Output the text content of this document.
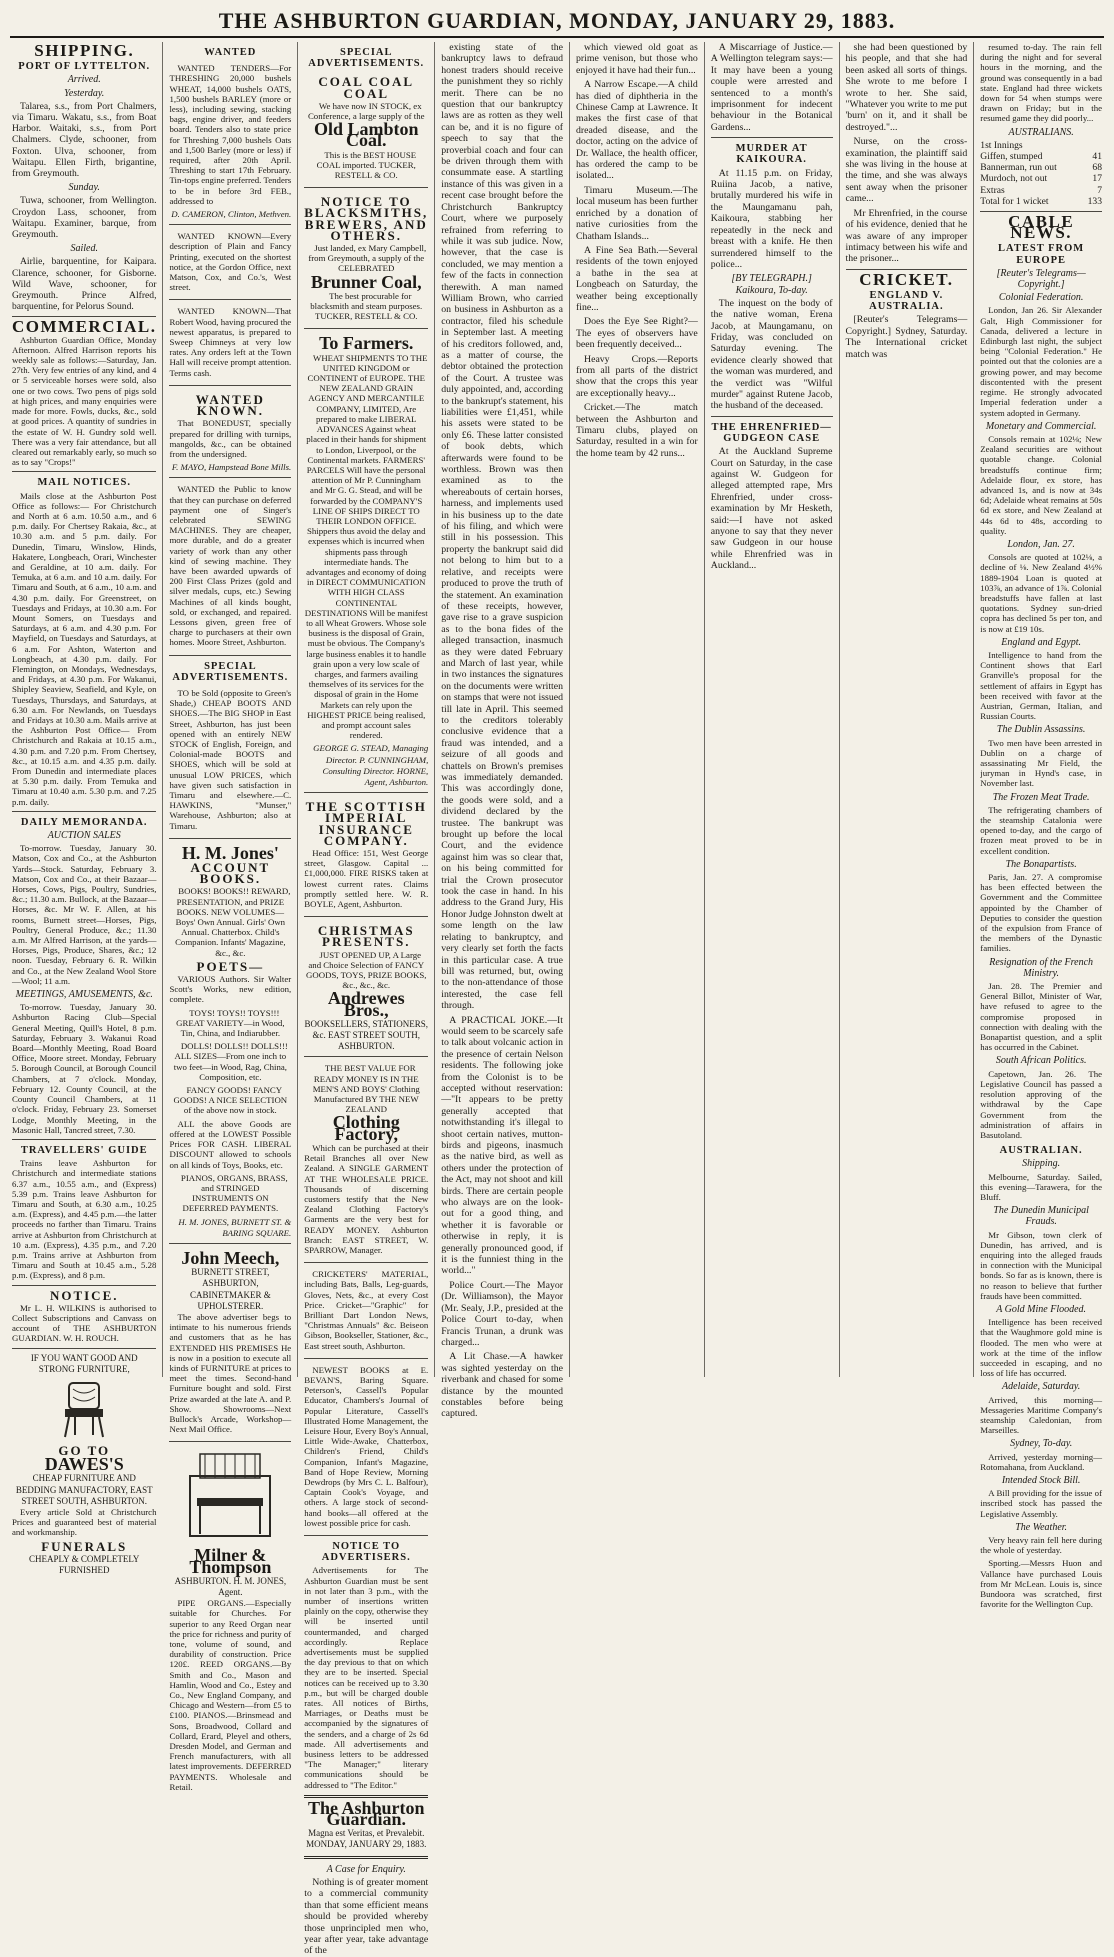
THE ASHBURTON GUARDIAN, MONDAY, JANUARY 29, 1883.
SHIPPING.
PORT OF LYTTELTON.
Arrived.
Yesterday.

Talarea, s.s., from Port Chalmers, via Timaru. Wakatu, s.s., from Boat Harbor. Waitaki, s.s., from Port Chalmers. Clyde, schooner, from Foxton. Ulva, schooner, from Waitapu. Ellen Firth, brigantine, from Greymouth.

Sunday.

Tuwa, schooner, from Wellington. Croydon Lass, schooner, from Waitapu. Examiner, barque, from Greymouth.

Sailed.

Airlie, barquentine, for Kaipara. Clarence, schooner, for Gisborne. Wild Wave, schooner, for Greymouth. Prince Alfred, barquentine, for Pelorus Sound.

COMMERCIAL.

Ashburton Guardian Office, Monday Afternoon. Alfred Harrison reports his weekly sale as follows:—Saturday, Jan. 27th. Very few entries of any kind, and 4 or 5 serviceable horses were sold, also one or two cows. Two pens of pigs sold at high prices, and many enquiries were made for more. Fowls, ducks, &c., sold at good prices. A quantity of sundries in the estate of W. H. Gundry sold well. There was a very fair attendance, but all cleared out remarkably early, so much so as to say "Crops!"

MAIL NOTICES.

Mails close at the Ashburton Post Office as follows:— For Christchurch and North at 6 a.m. 10.50 a.m., and 6 p.m. daily. For Chertsey Rakaia, &c., at 10.30 a.m. and 5 p.m. daily. For Dunedin, Timaru, Winslow, Hinds, Hakatere, Longbeach, Orari, Winchester and Geraldine, at 10 a.m. daily. For Temuka, at 6 a.m. and 10 a.m. daily. For Timaru and South, at 6 a.m., 10 a.m. and 4.30 p.m. daily. For Greenstreet, on Tuesdays and Fridays, at 10.30 a.m. For Mount Somers, on Tuesdays and Saturdays, at 6 a.m. and 4.30 p.m. For Mayfield, on Tuesdays and Saturdays, at 6 a.m. For Ashton, Waterton and Longbeach, at 4.30 p.m. daily. For Flemington, on Mondays, Wednesdays, and Fridays, at 4.30 p.m. For Wakanui, Shipley Seaview, Seafield, and Kyle, on Tuesdays, Thursdays, and Saturdays, at 6.30 a.m. For Newlands, on Tuesdays and Fridays at 10.30 a.m. Mails arrive at the Ashburton Post Office— From Christchurch and Rakaia at 10.15 a.m., 4.30 p.m. and 7.20 p.m. From Chertsey, &c., at 10.15 a.m. and 4.35 p.m. daily. From Dunedin and intermediate places at 5.30 p.m. daily. From Temuka and Timaru at 10.40 a.m. 5.30 p.m. and 7.25 p.m. daily.

DAILY MEMORANDA.
AUCTION SALES

To-morrow. Tuesday, January 30. Matson, Cox and Co., at the Ashburton Yards—Stock. Saturday, February 3. Matson, Cox and Co., at their Bazaar—Horses, Cows, Pigs, Poultry, Sundries, &c.; 11.30 a.m. Bullock, at the Bazaar—Horses, &c. Mr W. F. Allen, at his rooms, Burnett street—Horses, Pigs, Poultry, General Produce, &c.; 11.30 a.m. Mr Alfred Harrison, at the yards—Horses, Pigs, Produce, Shares, &c.; 12 noon. Tuesday, February 6. R. Wilkin and Co., at the New Zealand Wool Store—Wool; 11 a.m.

MEETINGS, AMUSEMENTS, &c.

To-morrow. Tuesday, January 30. Ashburton Racing Club—Special General Meeting, Quill's Hotel, 8 p.m. Saturday, February 3. Wakanui Road Board—Monthly Meeting, Road Board Office, Moore street. Monday, February 5. Borough Council, at Borough Council Chambers, at 7 o'clock. Monday, February 12. County Council, at the County Council Chambers, at 11 o'clock. Friday, February 23. Somerset Lodge, Monthly Meeting, in the Masonic Hall, Tancred street, 7.30.

TRAVELLERS' GUIDE

Trains leave Ashburton for Christchurch and intermediate stations 6.37 a.m., 10.55 a.m., and (Express) 5.39 p.m. Trains leave Ashburton for Timaru and South, at 6.30 a.m., 10.25 a.m. (Express), and 4.45 p.m.—the latter proceeds no farther than Timaru. Trains arrive at Ashburton from Christchurch at 10 a.m. (Express), 4.35 p.m., and 7.20 p.m. Trains arrive at Ashburton from Timaru and South at 10.45 a.m., 5.28 p.m. (Express), and 8 p.m.

NOTICE.

Mr L. H. WILKINS is authorised to Collect Subscriptions and Canvass on account of THE ASHBURTON GUARDIAN. W. H. ROUCH.

IF YOU WANT GOOD AND STRONG FURNITURE,
GO TO
DAWES'S
CHEAP FURNITURE AND BEDDING MANUFACTORY, EAST STREET SOUTH, ASHBURTON.

Every article Sold at Christchurch Prices and guaranteed best of material and workmanship.

FUNERALS
CHEAPLY & COMPLETELY FURNISHED
WANTED

WANTED TENDERS—For THRESHING 20,000 bushels WHEAT, 14,000 bushels OATS, 1,500 bushels BARLEY (more or less), including sewing, stacking bags, engine driver, and feeders board. Tenders also to state price for Threshing 7,000 bushels Oats and 1,500 Barley (more or less) if required, after 20th April. Threshing to start 17th February. Tin-tops engine preferred. Tenders to be in before 3rd FEB., addressed to

D. CAMERON, Clinton, Methven.

WANTED KNOWN—Every description of Plain and Fancy Printing, executed on the shortest notice, at the Gordon Office, next Matson, Cox, and Co.'s, West street.

WANTED KNOWN—That Robert Wood, having procured the newest apparatus, is prepared to Sweep Chimneys at very low rates. Any orders left at the Town Hall will receive prompt attention. Terms cash.

WANTED KNOWN.

That BONEDUST, specially prepared for drilling with turnips, mangolds, &c., can be obtained from the undersigned.

F. MAYO, Hampstead Bone Mills.

WANTED the Public to know that they can purchase on deferred payment one of Singer's celebrated SEWING MACHINES. They are cheaper, more durable, and do a greater variety of work than any other kind of sewing machine. They have been awarded upwards of 200 First Class Prizes (gold and silver medals, cups, etc.) Sewing Machines of all kinds bought, sold, or exchanged, and repaired. Lessons given, green free of charge to purchasers at their own homes. Moore Street, Ashburton.

SPECIAL ADVERTISEMENTS.

TO be Sold (opposite to Green's Shade,) CHEAP BOOTS AND SHOES.—The BIG SHOP in East Street, Ashburton, has just been opened with an entirely NEW STOCK of English, Foreign, and Colonial-made BOOTS and SHOES, which will be sold at unusual LOW PRICES, which have given such satisfaction in Timaru and elsewhere.—C. HAWKINS, "Munser," Warehouse, Ashburton; also at Timaru.

H. M. Jones'
ACCOUNT BOOKS.

BOOKS! BOOKS!! REWARD, PRESENTATION, and PRIZE BOOKS. NEW VOLUMES— Boys' Own Annual. Girls' Own Annual. Chatterbox. Child's Companion. Infants' Magazine, &c., &c.

POETS—

VARIOUS Authors. Sir Walter Scott's Works, new edition, complete.

TOYS! TOYS!! TOYS!!! GREAT VARIETY—in Wood, Tin, China, and Indiarubber.

DOLLS! DOLLS!! DOLLS!!! ALL SIZES—From one inch to two feet—in Wood, Rag, China, Composition, etc.

FANCY GOODS! FANCY GOODS! A NICE SELECTION of the above now in stock.

ALL the above Goods are offered at the LOWEST Possible Prices FOR CASH. LIBERAL DISCOUNT allowed to schools on all kinds of Toys, Books, etc.

PIANOS, ORGANS, BRASS, and STRINGED INSTRUMENTS ON DEFERRED PAYMENTS.

H. M. JONES, BURNETT ST. & BARING SQUARE.
John Meech,
BURNETT STREET, ASHBURTON, CABINETMAKER & UPHOLSTERER.

The above advertiser begs to intimate to his numerous friends and customers that as he has EXTENDED HIS PREMISES He is now in a position to execute all kinds of FURNITURE at prices to meet the times. Second-hand Furniture bought and sold. First Prize awarded at the late A. and P. Show. Showrooms—Next Bullock's Arcade, Workshop—Next Mail Office.

Milner & Thompson
ASHBURTON. H. M. JONES, Agent.

PIPE ORGANS.—Especially suitable for Churches. For superior to any Reed Organ near the price for richness and purity of tone, volume of sound, and durability of construction. Price 120£. REED ORGANS.—By Smith and Co., Mason and Hamlin, Wood and Co., Estey and Co., New England Company, and Chicago and Western—from £5 to £100. PIANOS.—Brinsmead and Sons, Broadwood, Collard and Collard, Erard, Pleyel and others, Dresden Model, and German and French manufacturers, with all latest improvements. DEFERRED PAYMENTS. Wholesale and Retail.

SPECIAL ADVERTISEMENTS.
COAL COAL COAL

We have now IN STOCK, ex Conference, a large supply of the

Old Lambton Coal.

This is the BEST HOUSE COAL imported. TUCKER, RESTELL & CO.

NOTICE TO BLACKSMITHS, BREWERS, AND OTHERS.

Just landed, ex Mary Campbell, from Greymouth, a supply of the CELEBRATED

Brunner Coal,

The best procurable for blacksmith and steam purposes. TUCKER, RESTELL & CO.

To Farmers.

WHEAT SHIPMENTS TO THE UNITED KINGDOM or CONTINENT of EUROPE. THE NEW ZEALAND GRAIN AGENCY AND MERCANTILE COMPANY, LIMITED, Are prepared to make LIBERAL ADVANCES Against wheat placed in their hands for shipment to London, Liverpool, or the Continental markets. FARMERS' PARCELS Will have the personal attention of Mr P. Cunningham and Mr G. G. Stead, and will be forwarded by the COMPANY'S LINE OF SHIPS DIRECT TO THEIR LONDON OFFICE. Shippers thus avoid the delay and expenses which is incurred when shipments pass through intermediate hands. The advantages and economy of doing in DIRECT COMMUNICATION WITH HIGH CLASS CONTINENTAL DESTINATIONS Will be manifest to all Wheat Growers. Whose sole business is the disposal of Grain, must be obvious. The Company's large business enables it to handle grain upon a very low scale of charges, and farmers availing themselves of its services for the disposal of grain in the Home Markets can rely upon the HIGHEST PRICE being realised, and prompt account sales rendered.

GEORGE G. STEAD, Managing Director. P. CUNNINGHAM, Consulting Director. HORNE, Agent, Ashburton.
THE SCOTTISH IMPERIAL INSURANCE COMPANY.

Head Office: 151, West George street, Glasgow. Capital ... £1,000,000. FIRE RISKS taken at lowest current rates. Claims promptly settled here. W. R. BOYLE, Agent, Ashburton.

CHRISTMAS PRESENTS.

JUST OPENED UP, A Large and Choice Selection of FANCY GOODS, TOYS, PRIZE BOOKS, &c., &c., &c.

Andrewes Bros.,
BOOKSELLERS, STATIONERS, &c. EAST STREET SOUTH, ASHBURTON.

THE BEST VALUE FOR READY MONEY IS IN THE MEN'S AND BOYS' Clothing Manufactured BY THE NEW ZEALAND

Clothing Factory,

Which can be purchased at their Retail Branches all over New Zealand. A SINGLE GARMENT AT THE WHOLESALE PRICE. Thousands of discerning customers testify that the New Zealand Clothing Factory's Garments are the very best for READY MONEY. Ashburton Branch: EAST STREET, W. SPARROW, Manager.

CRICKETERS' MATERIAL, including Bats, Balls, Leg-guards, Gloves, Nets, &c., at every Cost Price. Cricket—"Graphic" for Brilliant Dart London News, "Christmas Annuals" &c. Beiseon Gibson, Bookseller, Stationer, &c., East street south, Ashburton.

NEWEST BOOKS at E. BEVAN'S, Baring Square. Peterson's, Cassell's Popular Educator, Chambers's Journal of Popular Literature, Cassell's Illustrated Home Management, the Leisure Hour, Every Boy's Annual, Little Wide-Awake, Chatterbox, Children's Friend, Child's Companion, Infant's Magazine, Band of Hope Review, Morning Dewdrops (by Mrs C. L. Balfour), Captain Cook's Voyage, and others. A large stock of second-hand books—all offered at the lowest possible price for cash.

NOTICE TO ADVERTISERS.

Advertisements for The Ashburton Guardian must be sent in not later than 3 p.m., with the number of insertions written plainly on the copy, otherwise they will be inserted until countermanded, and charged accordingly. Replace advertisements must be supplied the day previous to that on which they are to be inserted. Special notices can be received up to 3.30 p.m., but will be charged double rates. All notices of Births, Marriages, or Deaths must be accompanied by the signatures of the senders, and a charge of 2s 6d made. All advertisements and business letters to be addressed "The Manager;" literary communications should be addressed to "The Editor."

The Ashburton Guardian.
Magna est Veritas, et Prevalebit.
MONDAY, JANUARY 29, 1883.
A Case for Enquiry.

Nothing is of greater moment to a commercial community than that some efficient means should be provided whereby those unprincipled men who, year after year, take advantage of the

existing state of the bankruptcy laws to defraud honest traders should receive the punishment they so richly merit. There can be no question that our bankruptcy laws are as rotten as they well can be, and it is no figure of speech to say that the proverbial coach and four can be driven through them with consummate ease. A startling instance of this was given in a recent case brought before the Christchurch Bankruptcy Court, where we purposely refrained from referring to while it was sub judice. Now, however, that the case is concluded, we may mention a few of the facts in connection therewith. A man named William Brown, who carried on business in Ashburton as a contractor, filed his schedule in September last. A meeting of his creditors followed, and, as a matter of course, the debtor obtained the protection of the Court. A trustee was duly appointed, and, according to the bankrupt's statement, his liabilities were £1,451, while his assets were stated to be only £6. These latter consisted of book debts, which afterwards were found to be worthless. Brown was then examined as to the whereabouts of certain horses, harness, and implements used in his business up to the date of his filing, and which were still in his possession. This property the bankrupt said did not belong to him but to a relative, and receipts were produced to prove the truth of the statement. An examination of these receipts, however, gave rise to a grave suspicion as to the bona fides of the alleged transaction, inasmuch as they were dated February and March of last year, while in two instances the signatures on the documents were written on stamps that were not issued till late in April. This seemed to the creditors tolerably conclusive evidence that a fraud was intended, and a seizure of all goods and chattels on Brown's premises was immediately demanded. This was accordingly done, the goods were sold, and a dividend declared by the trustee. The bankrupt was brought up before the local Court, and the evidence against him was so clear that, on his being committed for trial the Crown prosecutor took the case in hand. In his address to the Grand Jury, His Honor Judge Johnston dwelt at some length on the law relating to bankruptcy, and very clearly set forth the facts in this particular case. A true bill was returned, but, owing to the non-attendance of those interested, the case fell through.

A PRACTICAL JOKE.—It would seem to be scarcely safe to talk about volcanic action in the presence of certain Nelson residents. The following joke from the Colonist is to be accepted without reservation:—"It appears to be pretty generally accepted that notwithstanding it's illegal to shoot certain natives, mutton-birds and pigeons, inasmuch as the native bird, as well as others under the protection of the Act, may not shoot and kill birds. There are certain people who always are on the look-out for a good thing, and whether it is favorable or otherwise in reply, it is generally pronounced good, if it is the funniest thing in the world..."

Police Court.—The Mayor (Dr. Williamson), the Mayor (Mr. Sealy, J.P., presided at the Police Court to-day, when Francis Trunan, a drunk was charged...

A Lit Chase.—A hawker was sighted yesterday on the riverbank and chased for some distance by the mounted constables before being captured.

which viewed old goat as prime venison, but those who enjoyed it have had their fun...

A Narrow Escape.—A child has died of diphtheria in the Chinese Camp at Lawrence. It makes the first case of that dreaded disease, and the doctor, acting on the advice of Dr. Wallace, the health officer, has ordered the camp to be isolated...

Timaru Museum.—The local museum has been further enriched by a donation of native curiosities from the Chatham Islands...

A Fine Sea Bath.—Several residents of the town enjoyed a bathe in the sea at Longbeach on Saturday, the weather being exceptionally fine...

Does the Eye See Right?—The eyes of observers have been frequently deceived...

Heavy Crops.—Reports from all parts of the district show that the crops this year are exceptionally heavy...

Cricket.—The match between the Ashburton and Timaru clubs, played on Saturday, resulted in a win for the home team by 42 runs...

A Miscarriage of Justice.—A Wellington telegram says:—It may have been a young couple were arrested and sentenced to a month's imprisonment for indecent behaviour in the Botanical Gardens...

MURDER AT KAIKOURA.

At 11.15 p.m. on Friday, Ruiina Jacob, a native, brutally murdered his wife in the Maungamanu pah, Kaikoura, stabbing her repeatedly in the neck and breast with a knife. He then surrendered himself to the police...

[BY TELEGRAPH.] Kaikoura, To-day.

The inquest on the body of the native woman, Erena Jacob, at Maungamanu, on Friday, was concluded on Saturday evening. The evidence clearly showed that the woman was murdered, and the verdict was "Wilful murder" against Rutene Jacob, the husband of the deceased.

THE EHRENFRIED—GUDGEON CASE

At the Auckland Supreme Court on Saturday, in the case against W. Gudgeon for alleged attempted rape, Mrs Ehrenfried, under cross-examination by Mr Hesketh, said:—I have not asked anyone to say that they never saw Gudgeon in our house while Ehrenfried was in Auckland...

she had been questioned by his people, and that she had been asked all sorts of things. She wrote to me before I wrote to her. She said, "Whatever you write to me put 'burn' on it, and it shall be destroyed."...

Nurse, on the cross-examination, the plaintiff said she was living in the house at the time, and she was always sent away when the prisoner came...

Mr Ehrenfried, in the course of his evidence, denied that he was aware of any improper intimacy between his wife and the prisoner...

CRICKET.
ENGLAND V. AUSTRALIA.

[Reuter's Telegrams—Copyright.] Sydney, Saturday. The International cricket match was

resumed to-day. The rain fell during the night and for several hours in the morning, and the ground was consequently in a bad state. England had three wickets down for 54 when stumps were drawn on Friday; but in the resumed game they did poorly...

AUSTRALIANS.
1st Innings
Giffen, stumped	41
Bannerman, run out	68
Murdoch, not out	17
Extras	7
Total for 1 wicket	133
CABLE NEWS.
LATEST FROM EUROPE
[Reuter's Telegrams—Copyright.]
Colonial Federation.

London, Jan 26. Sir Alexander Galt, High Commissioner for Canada, delivered a lecture in Edinburgh last night, the subject being "Colonial Federation." He pointed out that the colonies are a growing power, and may become discontented with the present regime. He strongly advocated Imperial federation under a system adopted in Germany.

Monetary and Commercial.

Consols remain at 102⅛; New Zealand securities are without quotable change. Colonial breadstuffs continue firm; Adelaide flour, ex store, has advanced 1s, and is now at 34s 6d; Adelaide wheat remains at 50s 6d ex store, and New Zealand at 44s 6d to 48s, according to quality.

London, Jan. 27.

Consols are quoted at 102⅛, a decline of ⅛. New Zealand 4½% 1889-1904 Loan is quoted at 103⅞, an advance of 1⅞. Colonial breadstuffs have fallen at last quotations. Sydney sun-dried copra has declined 5s per ton, and is now at £19 10s.

England and Egypt.

Intelligence to hand from the Continent shows that Earl Granville's proposal for the settlement of affairs in Egypt has been received with favor at the Austrian, German, Italian, and Russian Courts.

The Dublin Assassins.

Two men have been arrested in Dublin on a charge of assassinating Mr Field, the juryman in Hynd's case, in November last.

The Frozen Meat Trade.

The refrigerating chambers of the steamship Catalonia were opened to-day, and the cargo of frozen meat proved to be in excellent condition.

The Bonapartists.

Paris, Jan. 27. A compromise has been effected between the Government and the Committee appointed by the Chamber of Deputies to consider the question of the expulsion from France of the members of the Dynastic families.

Resignation of the French Ministry.

Jan. 28. The Premier and General Billot, Minister of War, have refused to agree to the compromise proposed in connection with dealing with the Bonapartist question, and a split has occurred in the Cabinet.

South African Politics.

Capetown, Jan. 26. The Legislative Council has passed a resolution approving of the withdrawal by the Cape Government from the administration of affairs in Basutoland.

AUSTRALIAN.
Shipping.

Melbourne, Saturday. Sailed, this evening—Tarawera, for the Bluff.

The Dunedin Municipal Frauds.

Mr Gibson, town clerk of Dunedin, has arrived, and is enquiring into the alleged frauds in connection with the Municipal bonds. So far as is known, there is no reason to believe that further frauds have been committed.

A Gold Mine Flooded.

Intelligence has been received that the Waughmore gold mine is flooded. The men who were at work at the time of the inflow succeeded in escaping, and no loss of life has occurred.

Adelaide, Saturday.

Arrived, this morning—Messageries Maritime Company's steamship Caledonian, from Marseilles.

Sydney, To-day.

Arrived, yesterday morning—Rotomahana, from Auckland.

Intended Stock Bill.

A Bill providing for the issue of inscribed stock has passed the Legislative Assembly.

The Weather.

Very heavy rain fell here during the whole of yesterday.

Sporting.—Messrs Huon and Vallance have purchased Louis from Mr McLean. Louis is, since Bundoora was scratched, first favorite for the Wellington Cup.
